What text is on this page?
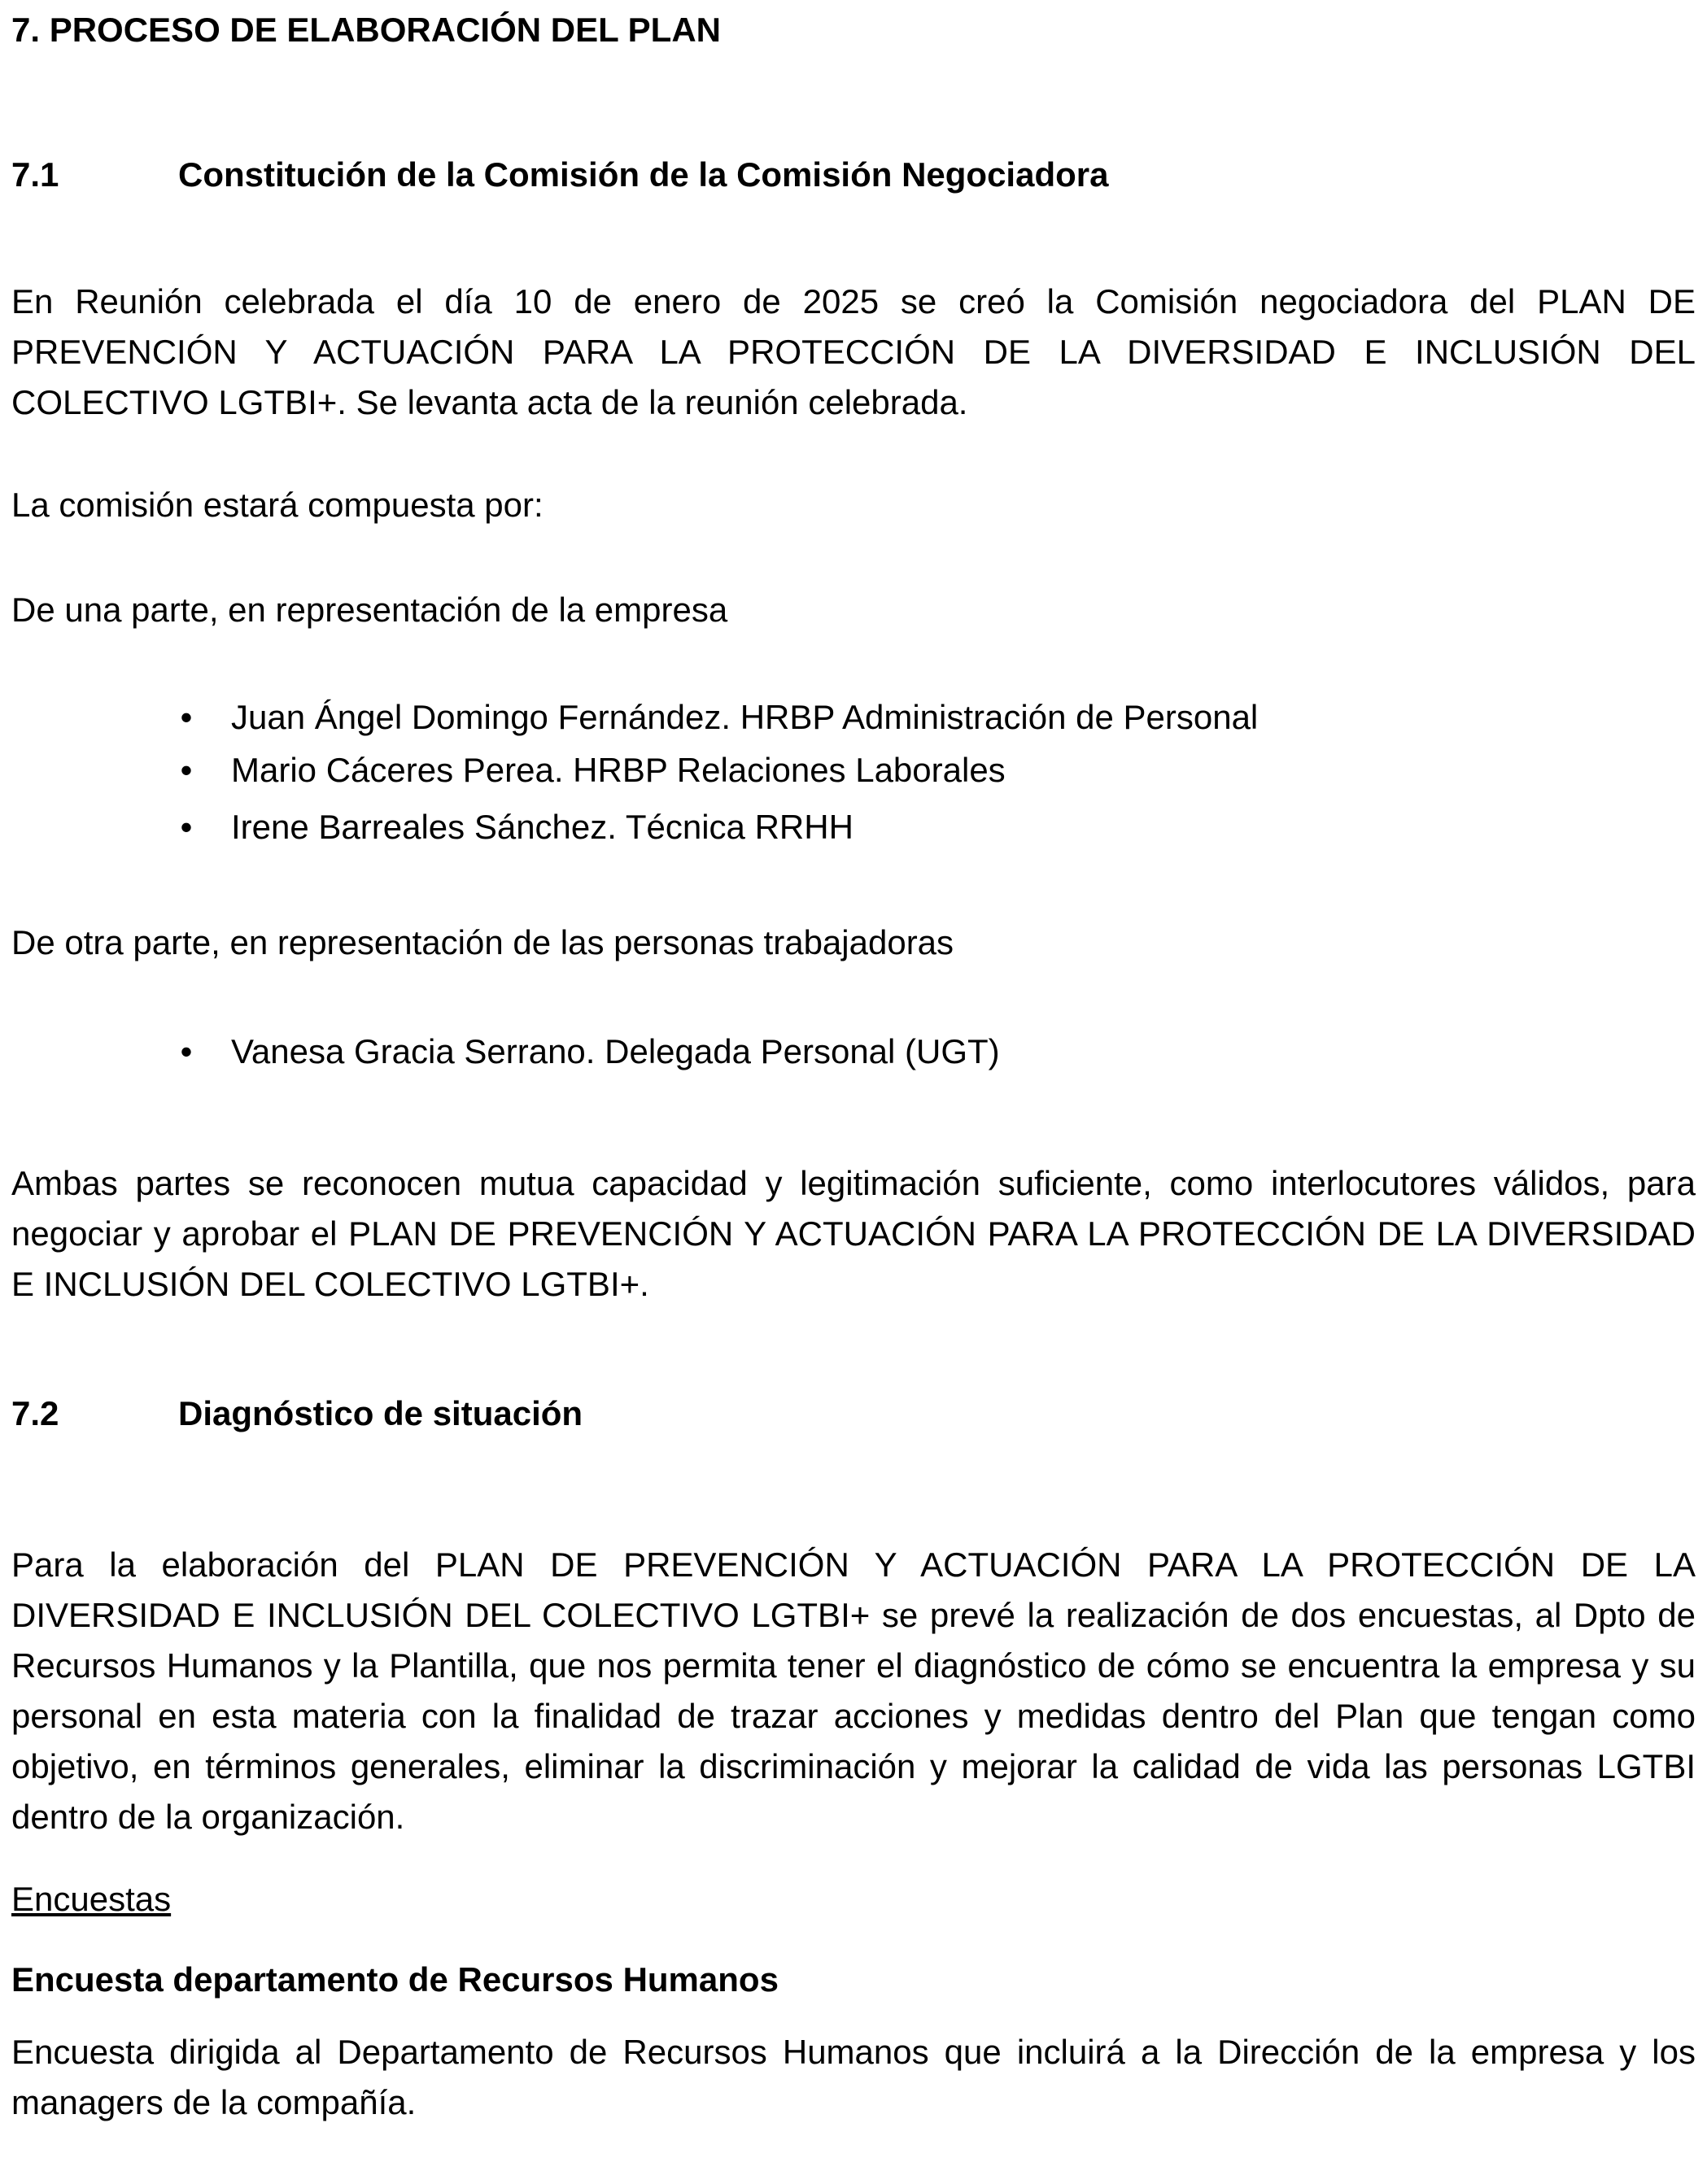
7. PROCESO DE ELABORACIÓN DEL PLAN
7.1	Constitución de la Comisión de la Comisión Negociadora

En Reunión celebrada el día 10 de enero de 2025 se creó la Comisión negociadora del PLAN DE PREVENCIÓN Y ACTUACIÓN PARA LA PROTECCIÓN DE LA DIVERSIDAD E INCLUSIÓN DEL COLECTIVO LGTBI+. Se levanta acta de la reunión celebrada.

La comisión estará compuesta por:

De una parte, en representación de la empresa

•	Juan Ángel Domingo Fernández. HRBP Administración de Personal
•	Mario Cáceres Perea. HRBP Relaciones Laborales
•	Irene Barreales Sánchez. Técnica RRHH

De otra parte, en representación de las personas trabajadoras

•	Vanesa Gracia Serrano. Delegada Personal (UGT)

Ambas partes se reconocen mutua capacidad y legitimación suficiente, como interlocutores válidos, para negociar y aprobar el PLAN DE PREVENCIÓN Y ACTUACIÓN PARA LA PROTECCIÓN DE LA DIVERSIDAD E INCLUSIÓN DEL COLECTIVO LGTBI+.

7.2	Diagnóstico de situación

Para la elaboración del PLAN DE PREVENCIÓN Y ACTUACIÓN PARA LA PROTECCIÓN DE LA DIVERSIDAD E INCLUSIÓN DEL COLECTIVO LGTBI+ se prevé la realización de dos encuestas, al Dpto de Recursos Humanos y la Plantilla, que nos permita tener el diagnóstico de cómo se encuentra la empresa y su personal en esta materia con la finalidad de trazar acciones y medidas dentro del Plan que tengan como objetivo, en términos generales, eliminar la discriminación y mejorar la calidad de vida las personas LGTBI dentro de la organización.

Encuestas
Encuesta departamento de Recursos Humanos

Encuesta dirigida al Departamento de Recursos Humanos que incluirá a la Dirección de la empresa y los managers de la compañía.
